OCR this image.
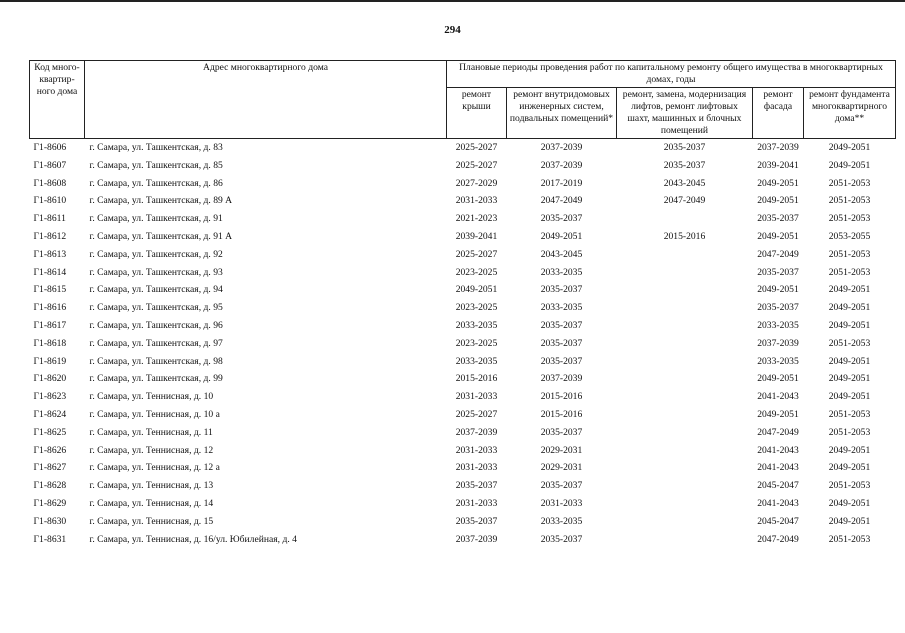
294
Код много-квартир-ного дома	Адрес многоквартирного дома	Плановые периоды проведения работ по капитальному ремонту общего имущества в многоквартирных домах, годы				
		ремонт крыши	ремонт внутридомовых инженерных систем, подвальных помещений*	ремонт, замена, модернизация лифтов, ремонт лифтовых шахт, машинных и блочных помещений	ремонт фасада	ремонт фундамента многоквартирного дома**
Г1-8606	г. Самара, ул. Ташкентская, д. 83	2025-2027	2037-2039	2035-2037	2037-2039	2049-2051
Г1-8607	г. Самара, ул. Ташкентская, д. 85	2025-2027	2037-2039	2035-2037	2039-2041	2049-2051
Г1-8608	г. Самара, ул. Ташкентская, д. 86	2027-2029	2017-2019	2043-2045	2049-2051	2051-2053
Г1-8610	г. Самара, ул. Ташкентская, д. 89 А	2031-2033	2047-2049	2047-2049	2049-2051	2051-2053
Г1-8611	г. Самара, ул. Ташкентская, д. 91	2021-2023	2035-2037		2035-2037	2051-2053
Г1-8612	г. Самара, ул. Ташкентская, д. 91 А	2039-2041	2049-2051	2015-2016	2049-2051	2053-2055
Г1-8613	г. Самара, ул. Ташкентская, д. 92	2025-2027	2043-2045		2047-2049	2051-2053
Г1-8614	г. Самара, ул. Ташкентская, д. 93	2023-2025	2033-2035		2035-2037	2051-2053
Г1-8615	г. Самара, ул. Ташкентская, д. 94	2049-2051	2035-2037		2049-2051	2049-2051
Г1-8616	г. Самара, ул. Ташкентская, д. 95	2023-2025	2033-2035		2035-2037	2049-2051
Г1-8617	г. Самара, ул. Ташкентская, д. 96	2033-2035	2035-2037		2033-2035	2049-2051
Г1-8618	г. Самара, ул. Ташкентская, д. 97	2023-2025	2035-2037		2037-2039	2051-2053
Г1-8619	г. Самара, ул. Ташкентская, д. 98	2033-2035	2035-2037		2033-2035	2049-2051
Г1-8620	г. Самара, ул. Ташкентская, д. 99	2015-2016	2037-2039		2049-2051	2049-2051
Г1-8623	г. Самара, ул. Теннисная, д. 10	2031-2033	2015-2016		2041-2043	2049-2051
Г1-8624	г. Самара, ул. Теннисная, д. 10 а	2025-2027	2015-2016		2049-2051	2051-2053
Г1-8625	г. Самара, ул. Теннисная, д. 11	2037-2039	2035-2037		2047-2049	2051-2053
Г1-8626	г. Самара, ул. Теннисная, д. 12	2031-2033	2029-2031		2041-2043	2049-2051
Г1-8627	г. Самара, ул. Теннисная, д. 12 а	2031-2033	2029-2031		2041-2043	2049-2051
Г1-8628	г. Самара, ул. Теннисная, д. 13	2035-2037	2035-2037		2045-2047	2051-2053
Г1-8629	г. Самара, ул. Теннисная, д. 14	2031-2033	2031-2033		2041-2043	2049-2051
Г1-8630	г. Самара, ул. Теннисная, д. 15	2035-2037	2033-2035		2045-2047	2049-2051
Г1-8631	г. Самара, ул. Теннисная, д. 16/ул. Юбилейная, д. 4	2037-2039	2035-2037		2047-2049	2051-2053
